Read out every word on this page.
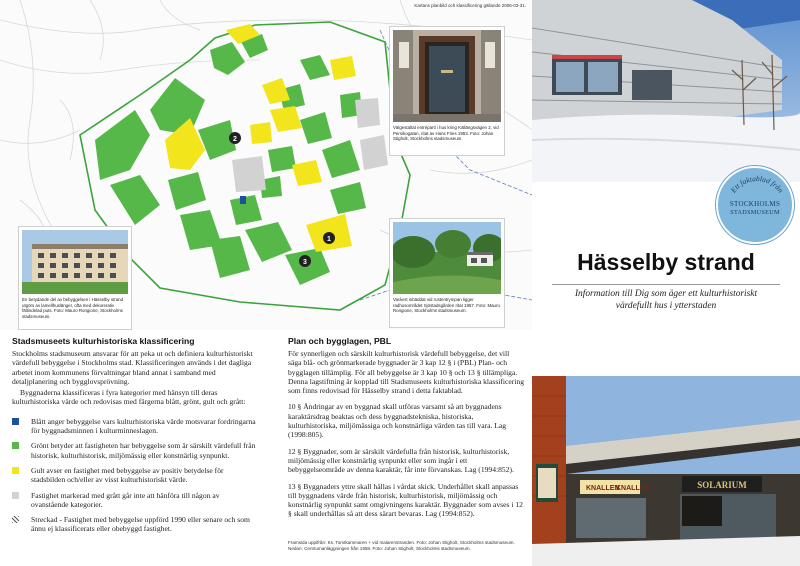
2
1
3
Kartans planbild och klassificering gällande 2006-03-31.
Välgestaltat entréparti i hus kring Källängsvägen 2, vid Persikogatan, ritat av Hans Fries 1953. Foto: Johan Stigholt, Stockholms stadsmuseum.
Vackert inbäddat vid rustentrympan ligger radhusområdet Sjöstadsgården ritat 1957. Foto: Mauro Rongione, Stockholms stadsmuseum.
En betydande del av bebyggelsen i Hässelby strand utgörs av lamellhuslänger, ofta med dekorerativ fältindelad puts. Foto: Mauro Rongione, Stockholms stadsmuseum.
Ett faktablad från
STOCKHOLMS
STADSMUSEUM
Hässelby strand
Information till Dig som äger ett kulturhistoriskt värdefullt hus i ytterstaden
KNALLEN
KNALLEN	SOLARIUM
Stadsmuseets kulturhistoriska klassificering

Stockholms stadsmuseum ansvarar för att peka ut och definiera kulturhistoriskt värdefull bebyggelse i Stockholms stad. Klassificeringen används i det dagliga arbetet inom kommunens förvaltningar bland annat i samband med detaljplanering och bygglovsprövning.

Byggnaderna klassificeras i fyra kategorier med hänsyn till deras kulturhistoriska värde och redovisas med färgerna blått, grönt, gult och grått:

Blått anger bebyggelse vars kulturhistoriska värde motsvarar fordringarna för byggnadsminnen i kulturminneslagen.
Grönt betyder att fastigheten har bebyggelse som är särskilt värdefull från historisk, kulturhistorisk, miljömässig eller konstnärlig synpunkt.
Gult avser en fastighet med bebyggelse av positiv betydelse för stadsbilden och/eller av visst kulturhistoriskt värde.
Fastighet markerad med grått går inte att hänföra till någon av ovanstående kategorier.
Streckad - Fastighet med bebyggelse uppförd 1990 eller senare och som ännu ej klassificerats eller obebyggd fastighet.
Plan och bygglagen, PBL

För synnerligen och särskilt kulturhistorisk värdefull bebyggelse, det vill säga blå- och grönmarkerade byggnader är 3 kap 12 § i (PBL) Plan- och bygglagen tillämplig. För all bebyggelse är 3 kap 10 § och 13 § tillämpliga. Denna lagstiftning är kopplad till Stadsmuseets kulturhistoriska klassificering som finns redovisad för Hässelby strand i detta faktablad.

10 § Ändringar av en byggnad skall utföras varsamt så att byggnadens karaktärsdrag beaktas och dess byggnadstekniska, historiska, kulturhistoriska, miljömässiga och konstnärliga värden tas till vara. Lag (1998:805).

12 § Byggnader, som är särskilt värdefulla från historisk, kulturhistorisk, miljömässig eller konstnärlig synpunkt eller som ingår i ett bebyggelseområde av denna karaktär, får inte förvanskas. Lag (1994:852).

13 § Byggnaders yttre skall hållas i vårdat skick. Underhållet skall anpassas till byggnadens värde från historisk, kulturhistorisk, miljömässig och konstnärlig synpunkt samt omgivningens karaktär. Byggnader som avses i 12 § skall underhållas så att dess särart bevaras. Lag (1994:852).

Framsida uppifrån: Ks. Tomtkammaren + vid malarenstranden. Foto: Johan Stigholt, Stockholms stadsmuseum. Nedan: Centrumanläggningen från 1958. Foto: Johan Stigholt, Stockholms stadsmuseum.
